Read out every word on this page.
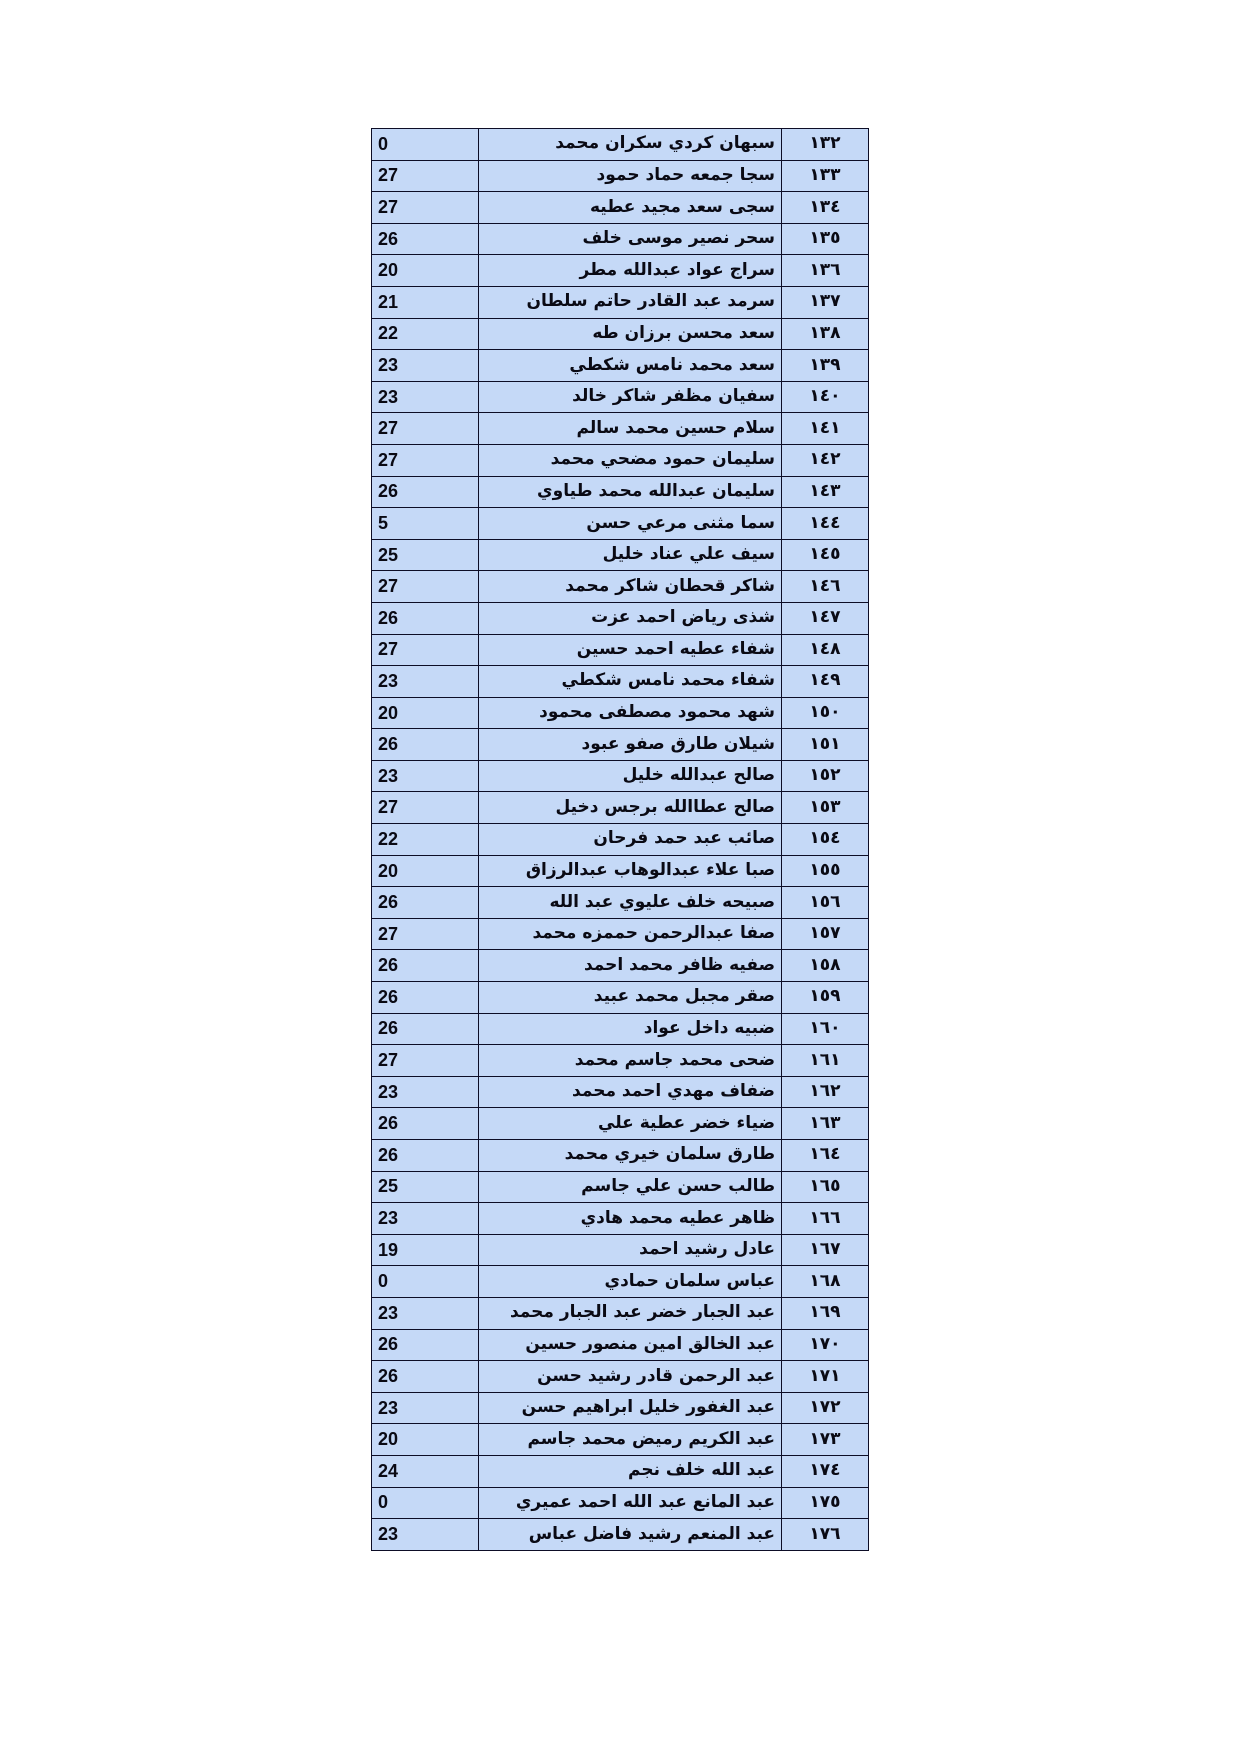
١٣٢	سبهان كردي سكران محمد	0
١٣٣	سجا جمعه حماد حمود	27
١٣٤	سجى سعد مجيد عطيه	27
١٣٥	سحر نصير موسى خلف	26
١٣٦	سراج عواد عبدالله مطر	20
١٣٧	سرمد عبد القادر حاتم سلطان	21
١٣٨	سعد محسن برزان طه	22
١٣٩	سعد محمد نامس شكطي	23
١٤٠	سفيان مظفر شاكر خالد	23
١٤١	سلام حسين محمد سالم	27
١٤٢	سليمان حمود مضحي محمد	27
١٤٣	سليمان عبدالله محمد طياوي	26
١٤٤	سما مثنى مرعي حسن	5
١٤٥	سيف علي عناد خليل	25
١٤٦	شاكر قحطان شاكر محمد	27
١٤٧	شذى رياض احمد عزت	26
١٤٨	شفاء عطيه احمد حسين	27
١٤٩	شفاء محمد نامس شكطي	23
١٥٠	شهد محمود مصطفى محمود	20
١٥١	شيلان طارق صفو عبود	26
١٥٢	صالح عبدالله خليل	23
١٥٣	صالح عطاالله برجس دخيل	27
١٥٤	صائب عبد حمد فرحان	22
١٥٥	صبا علاء عبدالوهاب عبدالرزاق	20
١٥٦	صبيحه خلف عليوي عبد الله	26
١٥٧	صفا عبدالرحمن حممزه محمد	27
١٥٨	صفيه ظافر محمد احمد	26
١٥٩	صقر مجبل محمد عبيد	26
١٦٠	ضبيه داخل عواد	26
١٦١	ضحى محمد جاسم محمد	27
١٦٢	ضفاف مهدي احمد محمد	23
١٦٣	ضياء خضر عطية علي	26
١٦٤	طارق سلمان خيري محمد	26
١٦٥	طالب حسن علي جاسم	25
١٦٦	ظاهر عطيه محمد هادي	23
١٦٧	عادل رشيد احمد	19
١٦٨	عباس سلمان حمادي	0
١٦٩	عبد الجبار خضر عبد الجبار محمد	23
١٧٠	عبد الخالق امين منصور حسين	26
١٧١	عبد الرحمن قادر رشيد حسن	26
١٧٢	عبد الغفور خليل ابراهيم حسن	23
١٧٣	عبد الكريم رميض محمد جاسم	20
١٧٤	عبد الله خلف نجم	24
١٧٥	عبد المانع عبد الله احمد عميري	0
١٧٦	عبد المنعم رشيد فاضل عباس	23
